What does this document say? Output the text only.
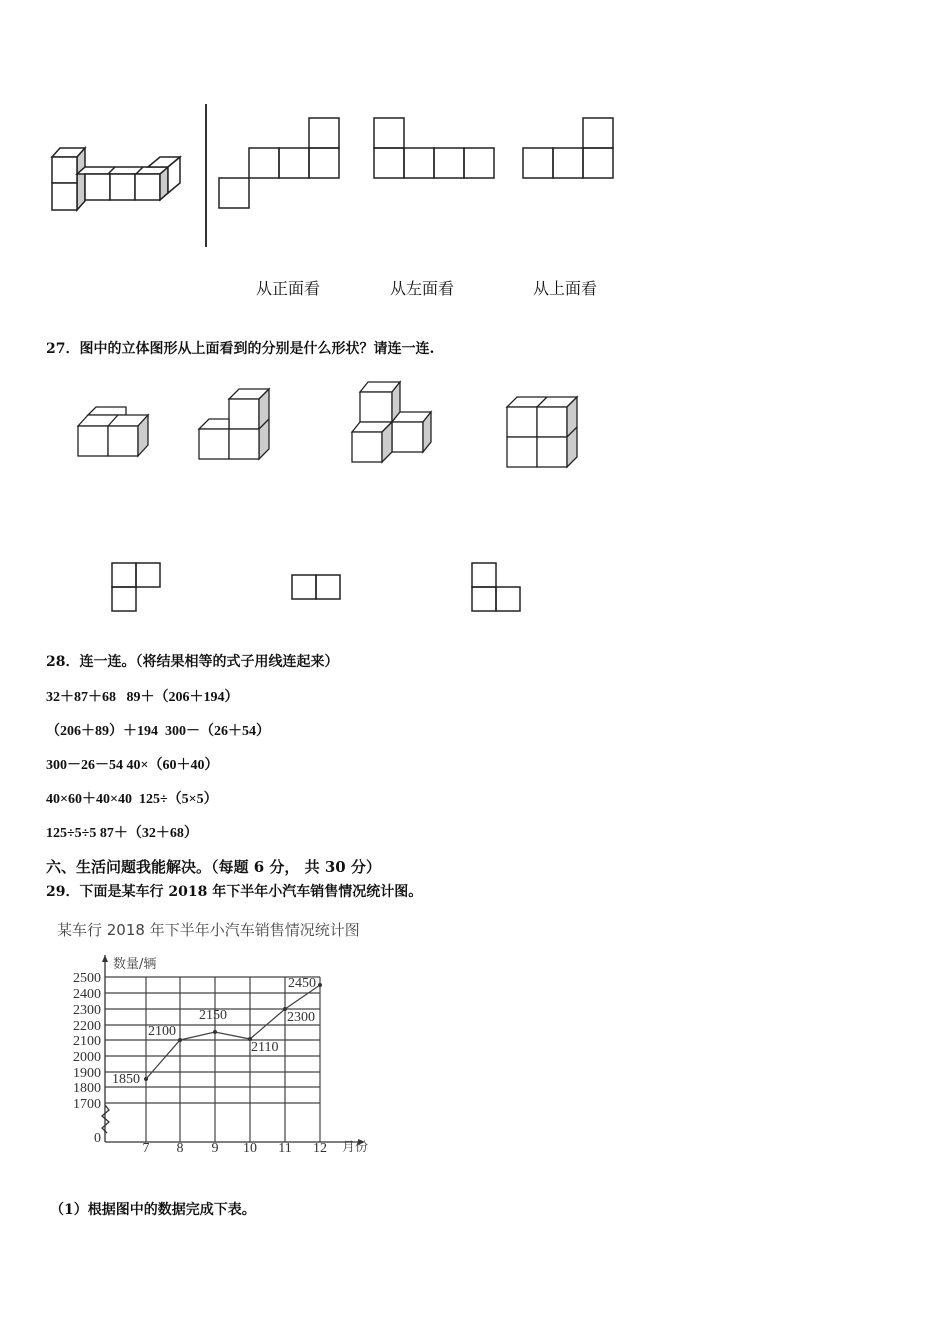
从正面看	从左面看	从上面看
27．图中的立体图形从上面看到的分别是什么形状？请连一连.
28．连一连。（将结果相等的式子用线连起来）
32＋87＋68 89＋（206＋194）
（206＋89）＋194 300－（26＋54）
300－26－54 40×（60＋40）
40×60＋40×40 125÷（5×5）
125÷5÷5 87＋（32＋68）
六、生活问题我能解决。（每题 6 分， 共 30 分）
29．下面是某车行 2018 年下半年小汽车销售情况统计图。
某车行 2018 年下半年小汽车销售情况统计图
数量/辆
月份
2500
2400
2300
2200
2100
2000
1900
1800
1700
0
7 8 9 10 11 12
1850
2100
2150
2110
2300
2450
（1）根据图中的数据完成下表。
